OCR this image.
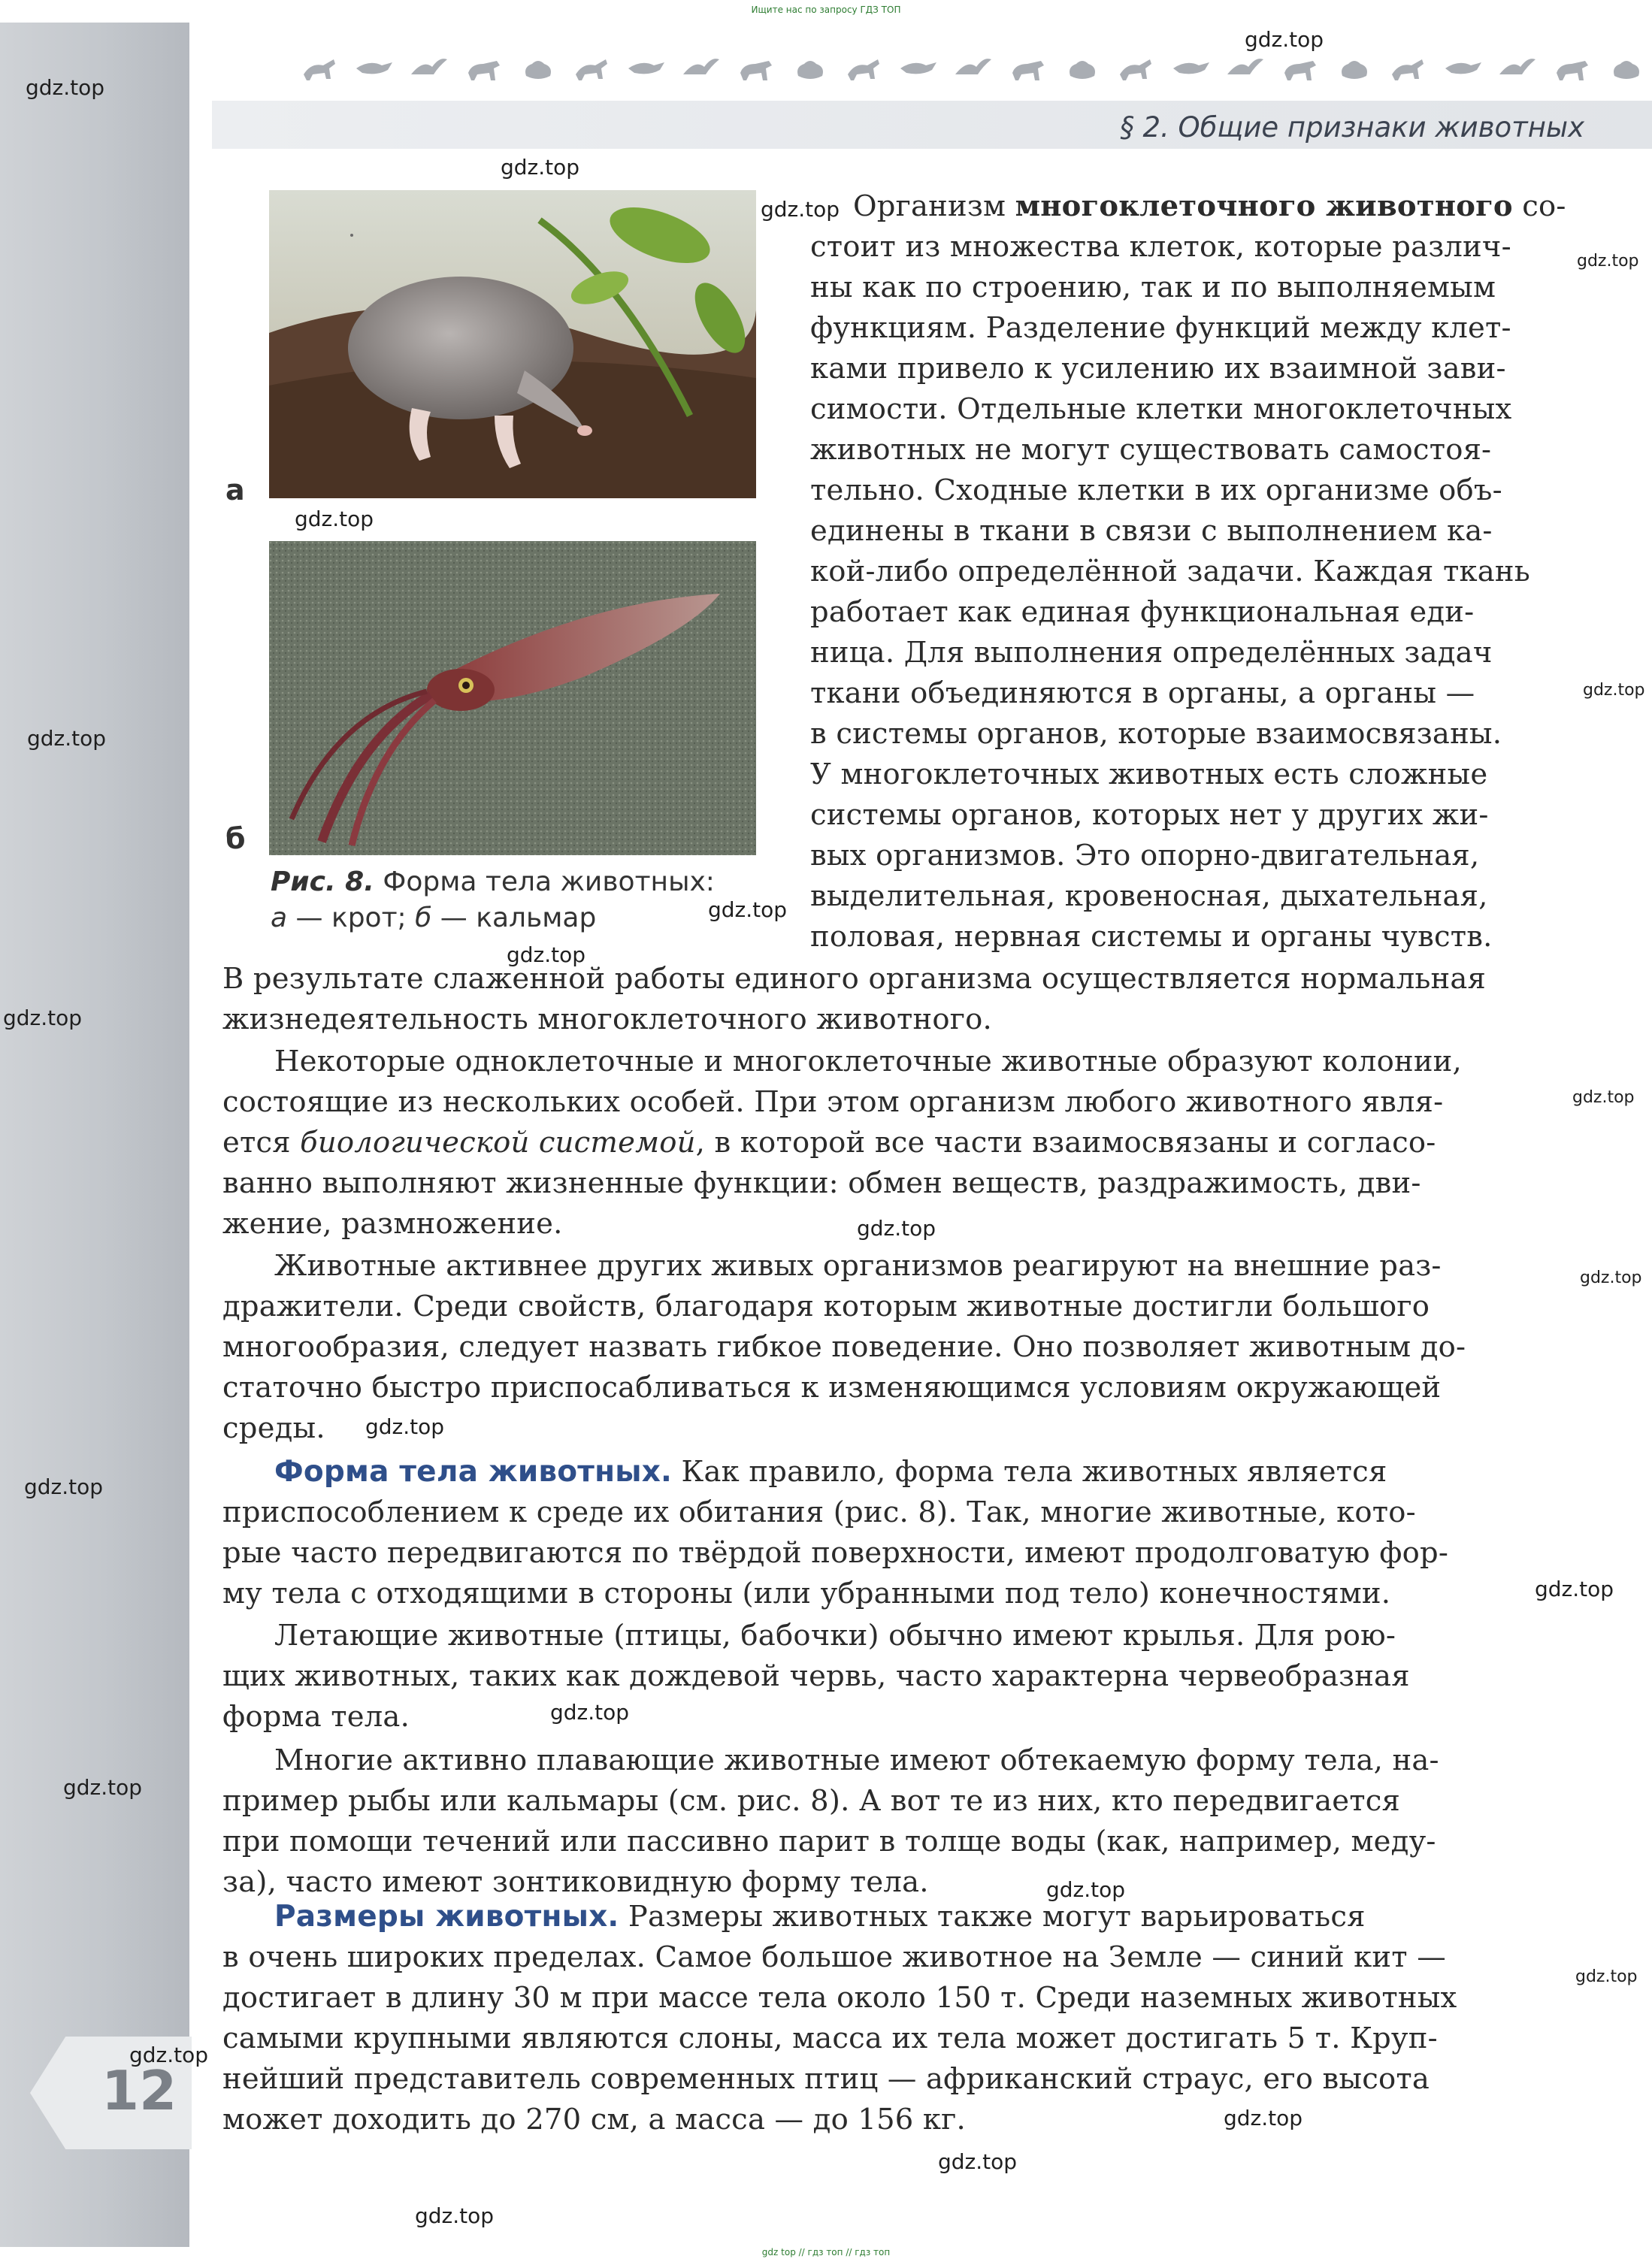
12
Ищите нас по запросу ГДЗ ТОП
§ 2. Общие признаки животных
а
б
Рис. 8. Форма тела животных:
а — крот; б — кальмар
Организм многоклеточного животного со-
стоит из множества клеток, которые различ-
ны как по строению, так и по выполняемым
функциям. Разделение функций между клет-
ками привело к усилению их взаимной зави-
симости. Отдельные клетки многоклеточных
животных не могут существовать самостоя-
тельно. Сходные клетки в их организме объ-
единены в ткани в связи с выполнением ка-
кой-либо определённой задачи. Каждая ткань
работает как единая функциональная еди-
ница. Для выполнения определённых задач
ткани объединяются в органы, а органы —
в системы органов, которые взаимосвязаны.
У многоклеточных животных есть сложные
системы органов, которых нет у других жи-
вых организмов. Это опорно-двигательная,
выделительная, кровеносная, дыхательная,
половая, нервная системы и органы чувств.
В результате слаженной работы единого организма осуществляется нормальная
жизнедеятельность многоклеточного животного.
Некоторые одноклеточные и многоклеточные животные образуют колонии,
состоящие из нескольких особей. При этом организм любого животного явля-
ется биологической системой, в которой все части взаимосвязаны и согласо-
ванно выполняют жизненные функции: обмен веществ, раздражимость, дви-
жение, размножение.
Животные активнее других живых организмов реагируют на внешние раз-
дражители. Среди свойств, благодаря которым животные достигли большого
многообразия, следует назвать гибкое поведение. Оно позволяет животным до-
статочно быстро приспосабливаться к изменяющимся условиям окружающей
среды.
Форма тела животных. Как правило, форма тела животных является
приспособлением к среде их обитания (рис. 8). Так, многие животные, кото-
рые часто передвигаются по твёрдой поверхности, имеют продолговатую фор-
му тела с отходящими в стороны (или убранными под тело) конечностями.
Летающие животные (птицы, бабочки) обычно имеют крылья. Для рою-
щих животных, таких как дождевой червь, часто характерна червеобразная
форма тела.
Многие активно плавающие животные имеют обтекаемую форму тела, на-
пример рыбы или кальмары (см. рис. 8). А вот те из них, кто передвигается
при помощи течений или пассивно парит в толще воды (как, например, меду-
за), часто имеют зонтиковидную форму тела.
Размеры животных. Размеры животных также могут варьироваться
в очень широких пределах. Самое большое животное на Земле — синий кит —
достигает в длину 30 м при массе тела около 150 т. Среди наземных животных
самыми крупными являются слоны, масса их тела может достигать 5 т. Круп-
нейший представитель современных птиц — африканский страус, его высота
может доходить до 270 см, а масса — до 156 кг.
gdz.top
gdz.top
gdz.top
gdz.top
gdz.top
gdz.top
gdz.top
gdz.top
gdz.top
gdz.top
gdz.top
gdz.top
gdz.top
gdz.top
gdz.top
gdz.top
gdz.top
gdz.top
gdz.top
gdz.top
gdz.top
gdz.top
gdz.top
gdz.top
gdz.top
gdz top // гдз топ // гдз топ
